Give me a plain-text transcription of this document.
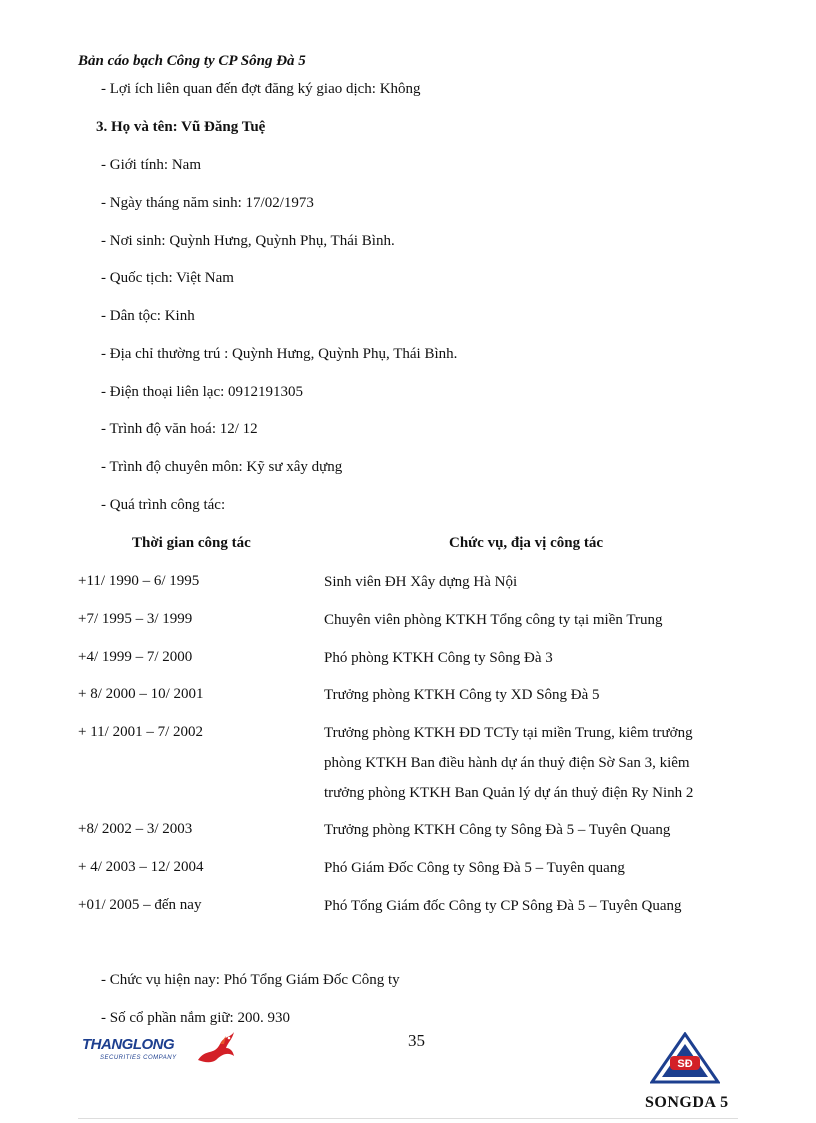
Bản cáo bạch Công ty CP Sông Đà 5
- Lợi ích liên quan đến đợt đăng ký giao dịch: Không
3. Họ và tên: Vũ Đăng Tuệ
- Giới tính: Nam
- Ngày tháng năm sinh: 17/02/1973
- Nơi sinh: Quỳnh Hưng, Quỳnh Phụ, Thái Bình.
- Quốc tịch: Việt Nam
- Dân tộc: Kinh
- Địa chỉ thường trú : Quỳnh Hưng, Quỳnh Phụ, Thái Bình.
- Điện thoại liên lạc: 0912191305
- Trình độ văn hoá: 12/ 12
- Trình độ chuyên môn: Kỹ sư xây dựng
- Quá trình công tác:
Thời gian công tác	Chức vụ, địa vị công tác
+11/ 1990 – 6/ 1995	Sinh viên ĐH Xây dựng Hà Nội
+7/ 1995 – 3/ 1999	Chuyên viên phòng KTKH Tổng công ty tại miền Trung
+4/ 1999 – 7/ 2000	Phó phòng KTKH Công ty Sông Đà 3
+ 8/ 2000 – 10/ 2001	Trưởng phòng KTKH Công ty XD Sông Đà 5
+ 11/ 2001 – 7/ 2002	Trưởng phòng KTKH ĐD TCTy tại miền Trung, kiêm trưởng phòng KTKH Ban điều hành dự án thuỷ điện Sờ San 3, kiêm trưởng phòng KTKH Ban Quản lý dự án thuỷ điện Ry Ninh 2
+8/ 2002 – 3/ 2003	Trưởng phòng KTKH Công ty Sông Đà 5 – Tuyên Quang
+ 4/ 2003 – 12/ 2004	Phó Giám Đốc Công ty Sông Đà 5 – Tuyên quang
+01/ 2005 – đến nay	Phó Tổng Giám đốc Công ty CP Sông Đà 5 – Tuyên Quang
- Chức vụ hiện nay: Phó Tổng Giám Đốc Công ty
- Số cổ phần nắm giữ: 200. 930
35
THANGLONG
SECURITIES COMPANY	SĐ
SONGDA 5
